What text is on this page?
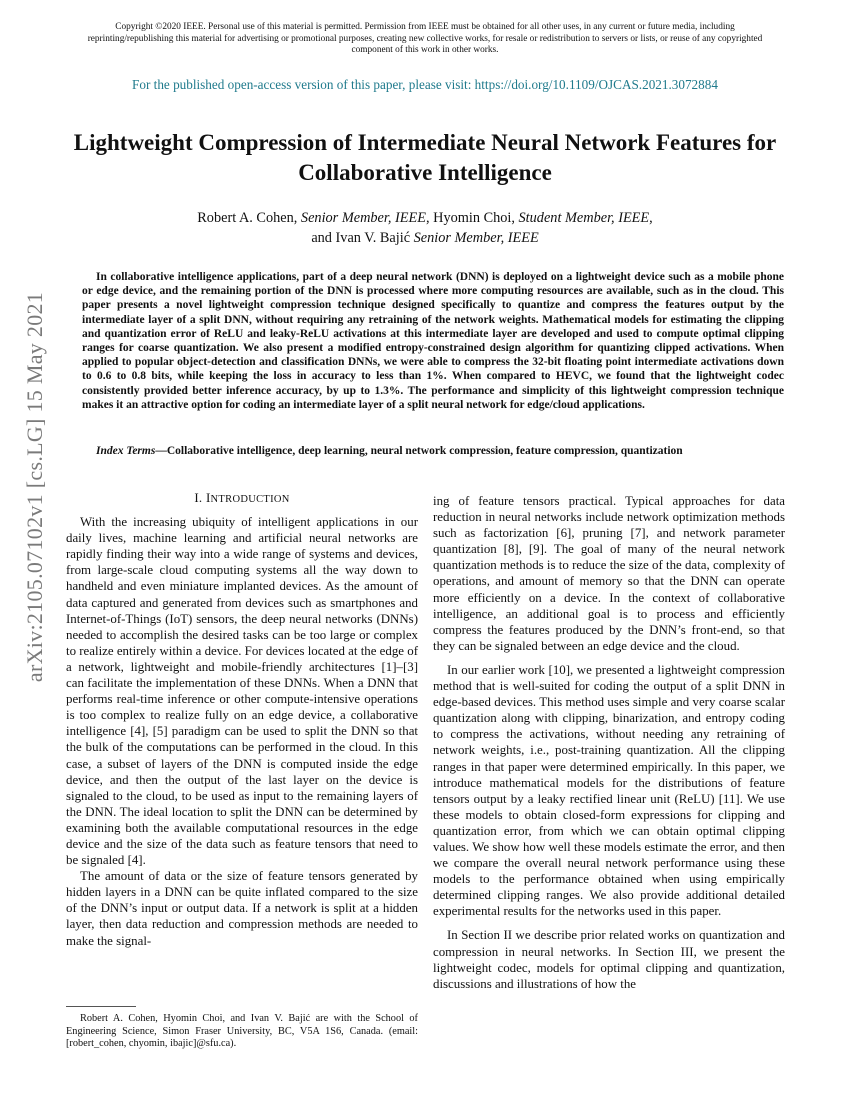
Copyright ©2020 IEEE. Personal use of this material is permitted. Permission from IEEE must be obtained for all other uses, in any current or future media, including reprinting/republishing this material for advertising or promotional purposes, creating new collective works, for resale or redistribution to servers or lists, or reuse of any copyrighted component of this work in other works.
For the published open-access version of this paper, please visit: https://doi.org/10.1109/OJCAS.2021.3072884
arXiv:2105.07102v1 [cs.LG] 15 May 2021
Lightweight Compression of Intermediate Neural Network Features for Collaborative Intelligence
Robert A. Cohen, Senior Member, IEEE, Hyomin Choi, Student Member, IEEE,
and Ivan V. Bajić Senior Member, IEEE
In collaborative intelligence applications, part of a deep neural network (DNN) is deployed on a lightweight device such as a mobile phone or edge device, and the remaining portion of the DNN is processed where more computing resources are available, such as in the cloud. This paper presents a novel lightweight compression technique designed specifically to quantize and compress the features output by the intermediate layer of a split DNN, without requiring any retraining of the network weights. Mathematical models for estimating the clipping and quantization error of ReLU and leaky-ReLU activations at this intermediate layer are developed and used to compute optimal clipping ranges for coarse quantization. We also present a modified entropy-constrained design algorithm for quantizing clipped activations. When applied to popular object-detection and classification DNNs, we were able to compress the 32-bit floating point intermediate activations down to 0.6 to 0.8 bits, while keeping the loss in accuracy to less than 1%. When compared to HEVC, we found that the lightweight codec consistently provided better inference accuracy, by up to 1.3%. The performance and simplicity of this lightweight compression technique makes it an attractive option for coding an intermediate layer of a split neural network for edge/cloud applications.
Index Terms—Collaborative intelligence, deep learning, neural network compression, feature compression, quantization

I. INTRODUCTION

With the increasing ubiquity of intelligent applications in our daily lives, machine learning and artificial neural networks are rapidly finding their way into a wide range of systems and devices, from large-scale cloud computing systems all the way down to handheld and even miniature implanted devices. As the amount of data captured and generated from devices such as smartphones and Internet-of-Things (IoT) sensors, the deep neural networks (DNNs) needed to accomplish the desired tasks can be too large or complex to realize entirely within a device. For devices located at the edge of a network, lightweight and mobile-friendly architectures [1]–[3] can facilitate the implementation of these DNNs. When a DNN that performs real-time inference or other compute-intensive operations is too complex to realize fully on an edge device, a collaborative intelligence [4], [5] paradigm can be used to split the DNN so that the bulk of the computations can be performed in the cloud. In this case, a subset of layers of the DNN is computed inside the edge device, and then the output of the last layer on the device is signaled to the cloud, to be used as input to the remaining layers of the DNN. The ideal location to split the DNN can be determined by examining both the available computational resources in the edge device and the size of the data such as feature tensors that need to be signaled [4].

The amount of data or the size of feature tensors generated by hidden layers in a DNN can be quite inflated compared to the size of the DNN’s input or output data. If a network is split at a hidden layer, then data reduction and compression methods are needed to make the signal-

ing of feature tensors practical. Typical approaches for data reduction in neural networks include network optimization methods such as factorization [6], pruning [7], and network parameter quantization [8], [9]. The goal of many of the neural network quantization methods is to reduce the size of the data, complexity of operations, and amount of memory so that the DNN can operate more efficiently on a device. In the context of collaborative intelligence, an additional goal is to process and efficiently compress the features produced by the DNN’s front-end, so that they can be signaled between an edge device and the cloud.

In our earlier work [10], we presented a lightweight compression method that is well-suited for coding the output of a split DNN in edge-based devices. This method uses simple and very coarse scalar quantization along with clipping, binarization, and entropy coding to compress the activations, without needing any retraining of network weights, i.e., post-training quantization. All the clipping ranges in that paper were determined empirically. In this paper, we introduce mathematical models for the distributions of feature tensors output by a leaky rectified linear unit (ReLU) [11]. We use these models to obtain closed-form expressions for clipping and quantization error, from which we can obtain optimal clipping values. We show how well these models estimate the error, and then we compare the overall neural network performance using these models to the performance obtained when using empirically determined clipping ranges. We also provide additional detailed experimental results for the networks used in this paper.

In Section II we describe prior related works on quantization and compression in neural networks. In Section III, we present the lightweight codec, models for optimal clipping and quantization, discussions and illustrations of how the

Robert A. Cohen, Hyomin Choi, and Ivan V. Bajić are with the School of Engineering Science, Simon Fraser University, BC, V5A 1S6, Canada. (email: [robert_cohen, chyomin, ibajic]@sfu.ca).
